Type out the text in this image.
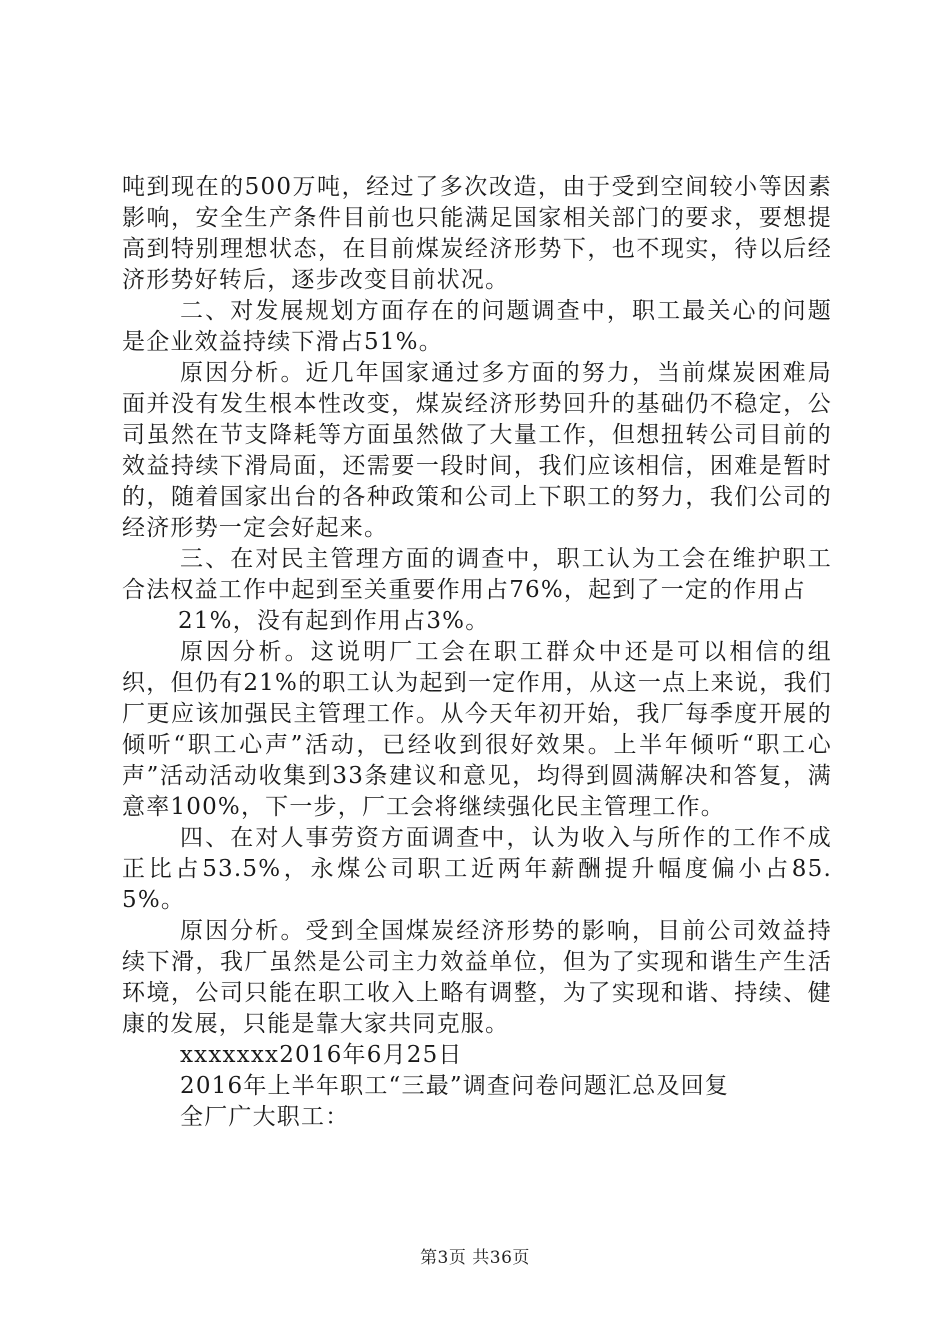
吨到现在的500万吨，经过了多次改造，由于受到空间较小等因素影响，安全生产条件目前也只能满足国家相关部门的要求，要想提高到特别理想状态，在目前煤炭经济形势下，也不现实，待以后经济形势好转后，逐步改变目前状况。

二、对发展规划方面存在的问题调查中，职工最关心的问题是企业效益持续下滑占51%。

原因分析。近几年国家通过多方面的努力，当前煤炭困难局面并没有发生根本性改变，煤炭经济形势回升的基础仍不稳定，公司虽然在节支降耗等方面虽然做了大量工作，但想扭转公司目前的效益持续下滑局面，还需要一段时间，我们应该相信，困难是暂时的，随着国家出台的各种政策和公司上下职工的努力，我们公司的经济形势一定会好起来。

三、在对民主管理方面的调查中，职工认为工会在维护职工合法权益工作中起到至关重要作用占76%，起到了一定的作用占

21%，没有起到作用占3%。

原因分析。这说明厂工会在职工群众中还是可以相信的组织，但仍有21%的职工认为起到一定作用，从这一点上来说，我们厂更应该加强民主管理工作。从今天年初开始，我厂每季度开展的倾听“职工心声”活动，已经收到很好效果。上半年倾听“职工心声”活动活动收集到33条建议和意见，均得到圆满解决和答复，满意率100%，下一步，厂工会将继续强化民主管理工作。

四、在对人事劳资方面调查中，认为收入与所作的工作不成正比占53.5%，永煤公司职工近两年薪酬提升幅度偏小占85.5%。

原因分析。受到全国煤炭经济形势的影响，目前公司效益持续下滑，我厂虽然是公司主力效益单位，但为了实现和谐生产生活环境，公司只能在职工收入上略有调整，为了实现和谐、持续、健康的发展，只能是靠大家共同克服。

xxxxxxx2016年6月25日

2016年上半年职工“三最”调查问卷问题汇总及回复

全厂广大职工：

第3页 共36页
